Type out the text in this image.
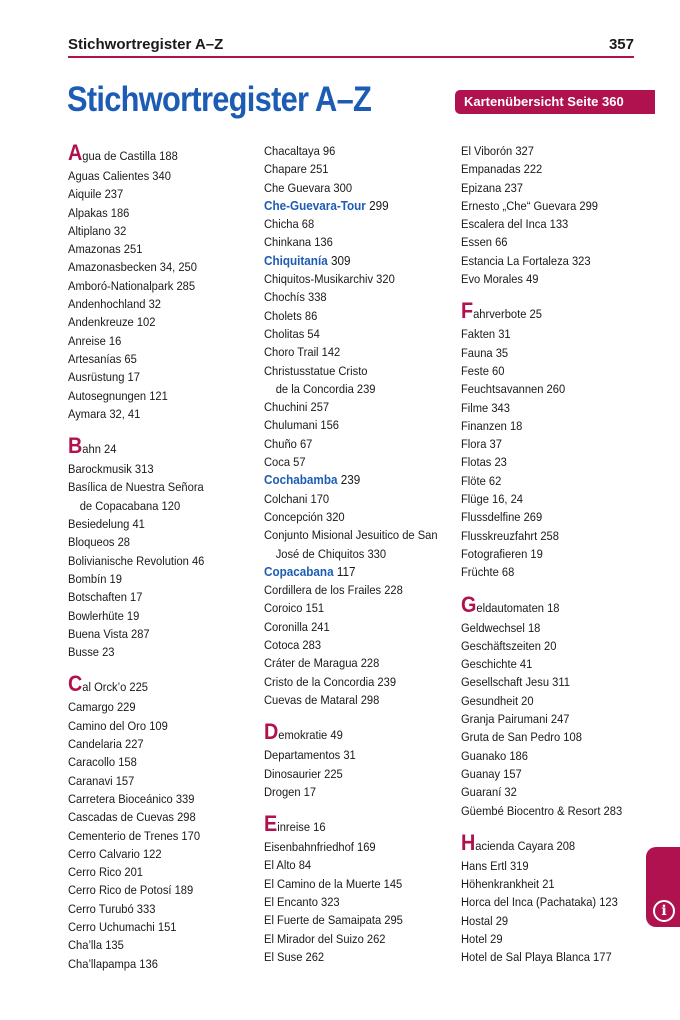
Stichwortregister A–Z	357
Stichwortregister A–Z	Kartenübersicht Seite 360
Agua de Castilla 188
Aguas Calientes 340
Aiquile 237
Alpakas 186
Altiplano 32
Amazonas 251
Amazonasbecken 34, 250
Amboró-Nationalpark 285
Andenhochland 32
Andenkreuze 102
Anreise 16
Artesanías 65
Ausrüstung 17
Autosegnungen 121
Aymara 32, 41
Bahn 24
Barockmusik 313
Basílica de Nuestra Señora
de Copacabana 120
Besiedelung 41
Bloqueos 28
Bolivianische Revolution 46
Bombín 19
Botschaften 17
Bowlerhüte 19
Buena Vista 287
Busse 23
Cal Orck’o 225
Camargo 229
Camino del Oro 109
Candelaria 227
Caracollo 158
Caranavi 157
Carretera Bioceánico 339
Cascadas de Cuevas 298
Cementerio de Trenes 170
Cerro Calvario 122
Cerro Rico 201
Cerro Rico de Potosí 189
Cerro Turubó 333
Cerro Uchumachi 151
Cha’lla 135
Cha’llapampa 136
Chacaltaya 96
Chapare 251
Che Guevara 300
Che-Guevara-Tour 299
Chicha 68
Chinkana 136
Chiquitanía 309
Chiquitos-Musikarchiv 320
Chochís 338
Cholets 86
Cholitas 54
Choro Trail 142
Christusstatue Cristo
de la Concordia 239
Chuchini 257
Chulumani 156
Chuño 67
Coca 57
Cochabamba 239
Colchani 170
Concepción 320
Conjunto Misional Jesuitico de San
José de Chiquitos 330
Copacabana 117
Cordillera de los Frailes 228
Coroico 151
Coronilla 241
Cotoca 283
Cráter de Maragua 228
Cristo de la Concordia 239
Cuevas de Mataral 298
Demokratie 49
Departamentos 31
Dinosaurier 225
Drogen 17
Einreise 16
Eisenbahnfriedhof 169
El Alto 84
El Camino de la Muerte 145
El Encanto 323
El Fuerte de Samaipata 295
El Mirador del Suizo 262
El Suse 262
El Viborón 327
Empanadas 222
Epizana 237
Ernesto „Che“ Guevara 299
Escalera del Inca 133
Essen 66
Estancia La Fortaleza 323
Evo Morales 49
Fahrverbote 25
Fakten 31
Fauna 35
Feste 60
Feuchtsavannen 260
Filme 343
Finanzen 18
Flora 37
Flotas 23
Flöte 62
Flüge 16, 24
Flussdelfine 269
Flusskreuzfahrt 258
Fotografieren 19
Früchte 68
Geldautomaten 18
Geldwechsel 18
Geschäftszeiten 20
Geschichte 41
Gesellschaft Jesu 311
Gesundheit 20
Granja Pairumani 247
Gruta de San Pedro 108
Guanako 186
Guanay 157
Guaraní 32
Güembé Biocentro & Resort 283
Hacienda Cayara 208
Hans Ertl 319
Höhenkrankheit 21
Horca del Inca (Pachataka) 123
Hostal 29
Hotel 29
Hotel de Sal Playa Blanca 177
i
